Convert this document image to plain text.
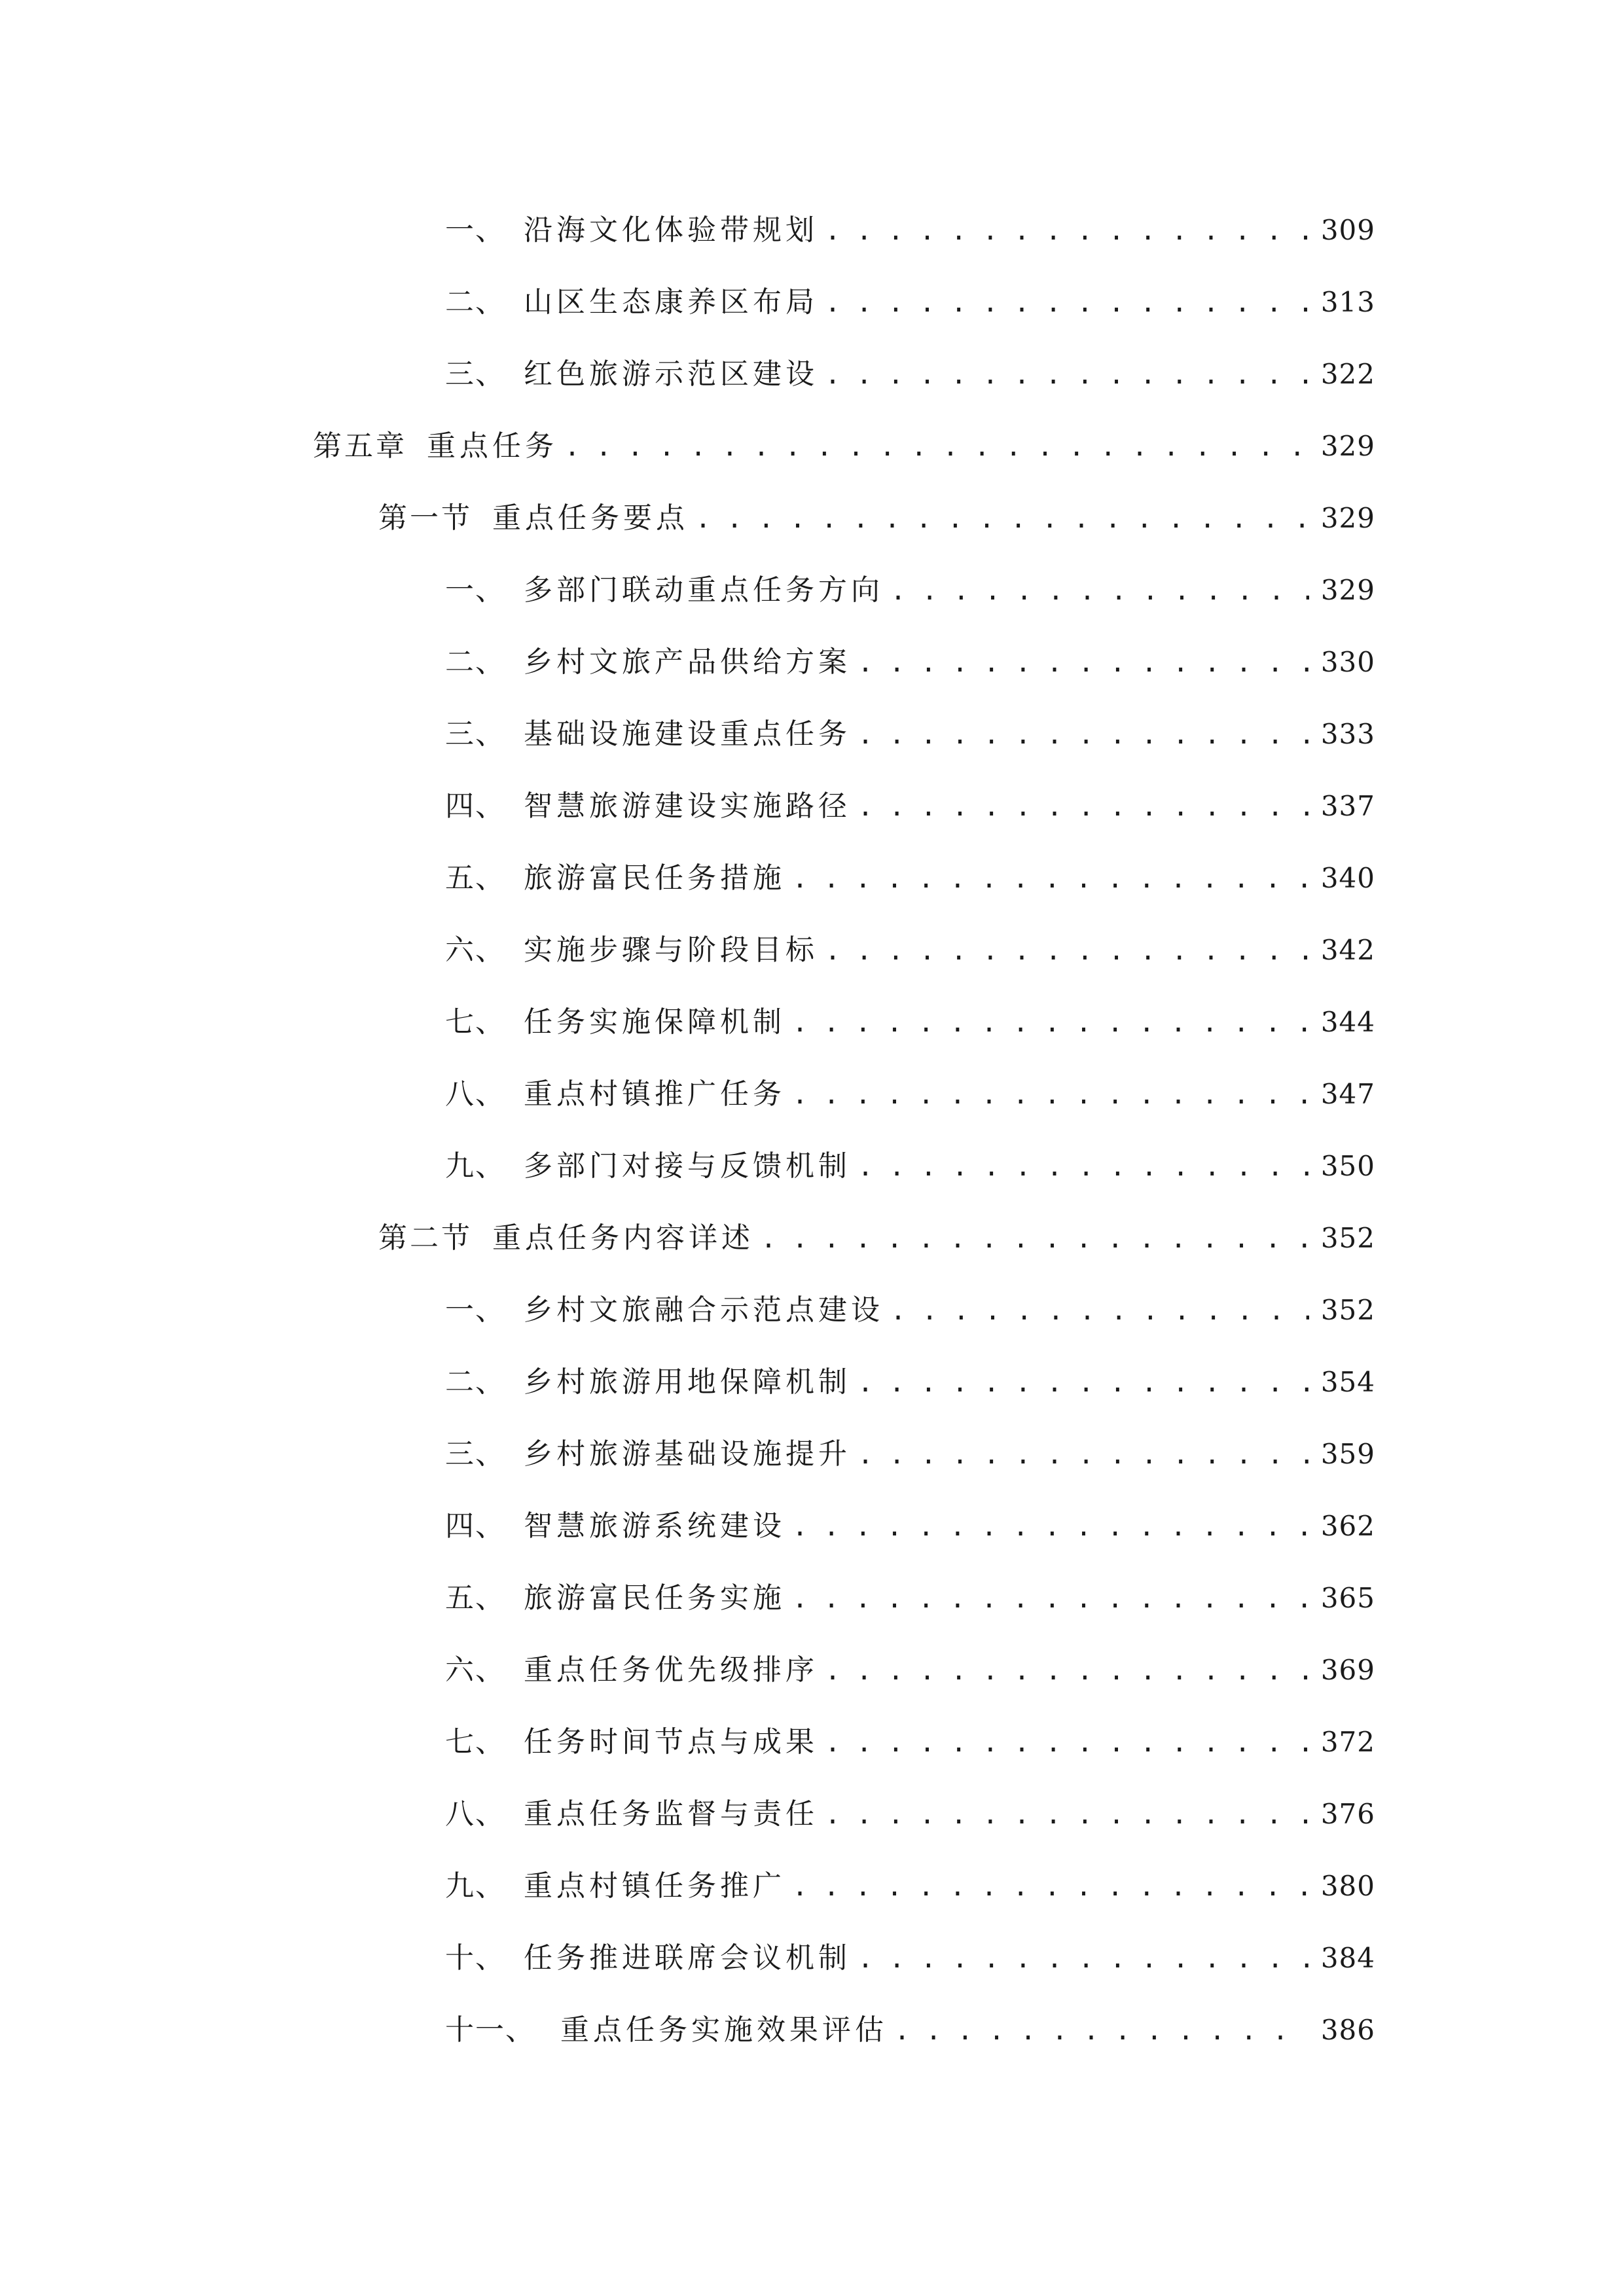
一、 沿海文化体验带规划 . . .	309
二、 山区生态康养区布局 . . .	313
三、 红色旅游示范区建设 . . .	322
第五章 重点任务 . . .	329
第一节 重点任务要点 . . .	329
一、 多部门联动重点任务方向 . . .	329
二、 乡村文旅产品供给方案 . . .	330
三、 基础设施建设重点任务 . . .	333
四、 智慧旅游建设实施路径 . . .	337
五、 旅游富民任务措施 . . .	340
六、 实施步骤与阶段目标 . . .	342
七、 任务实施保障机制 . . .	344
八、 重点村镇推广任务 . . .	347
九、 多部门对接与反馈机制 . . .	350
第二节 重点任务内容详述 . . .	352
一、 乡村文旅融合示范点建设 . . .	352
二、 乡村旅游用地保障机制 . . .	354
三、 乡村旅游基础设施提升 . . .	359
四、 智慧旅游系统建设 . . .	362
五、 旅游富民任务实施 . . .	365
六、 重点任务优先级排序 . . .	369
七、 任务时间节点与成果 . . .	372
八、 重点任务监督与责任 . . .	376
九、 重点村镇任务推广 . . .	380
十、 任务推进联席会议机制 . . .	384
十一、 重点任务实施效果评估 . . .	386
